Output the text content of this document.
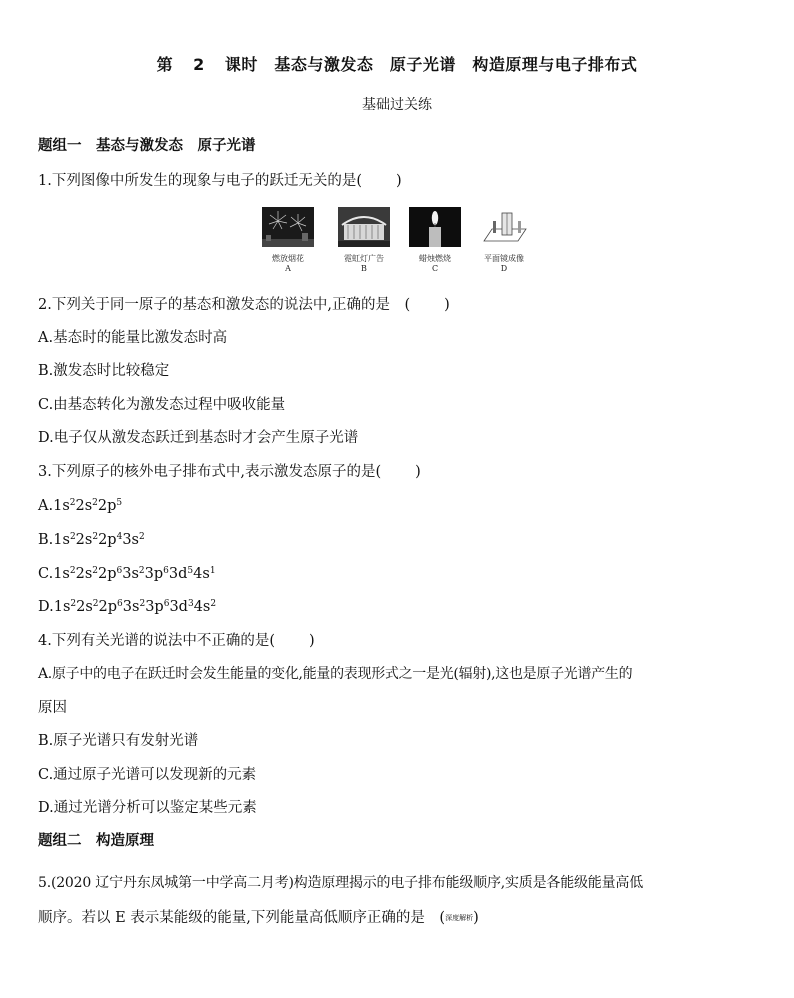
第 2 课时　基态与激发态　原子光谱　构造原理与电子排布式
基础过关练
题组一　基态与激发态　原子光谱
1.下列图像中所发生的现象与电子的跃迁无关的是( )
燃放烟花
A
霓虹灯广告
B
蜡烛燃烧
C
平面镜成像
D
2.下列关于同一原子的基态和激发态的说法中,正确的是　( )
A.基态时的能量比激发态时高
B.激发态时比较稳定
C.由基态转化为激发态过程中吸收能量
D.电子仅从激发态跃迁到基态时才会产生原子光谱
3.下列原子的核外电子排布式中,表示激发态原子的是( )
$A.1s^22s^22p^5$
$B.1s^22s^22p^43s^2$
$C.1s^22s^22p^63s^23p^63d^54s^1$
$D.1s^22s^22p^63s^23p^63d^34s^2$
4.下列有关光谱的说法中不正确的是( )
A.原子中的电子在跃迁时会发生能量的变化,能量的表现形式之一是光(辐射),这也是原子光谱产生的
原因
B.原子光谱只有发射光谱
C.通过原子光谱可以发现新的元素
D.通过光谱分析可以鉴定某些元素
题组二　构造原理
5.(2020 辽宁丹东凤城第一中学高二月考)构造原理揭示的电子排布能级顺序,实质是各能级能量高低
顺序。若以 E 表示某能级的能量,下列能量高低顺序正确的是　(深度解析)
